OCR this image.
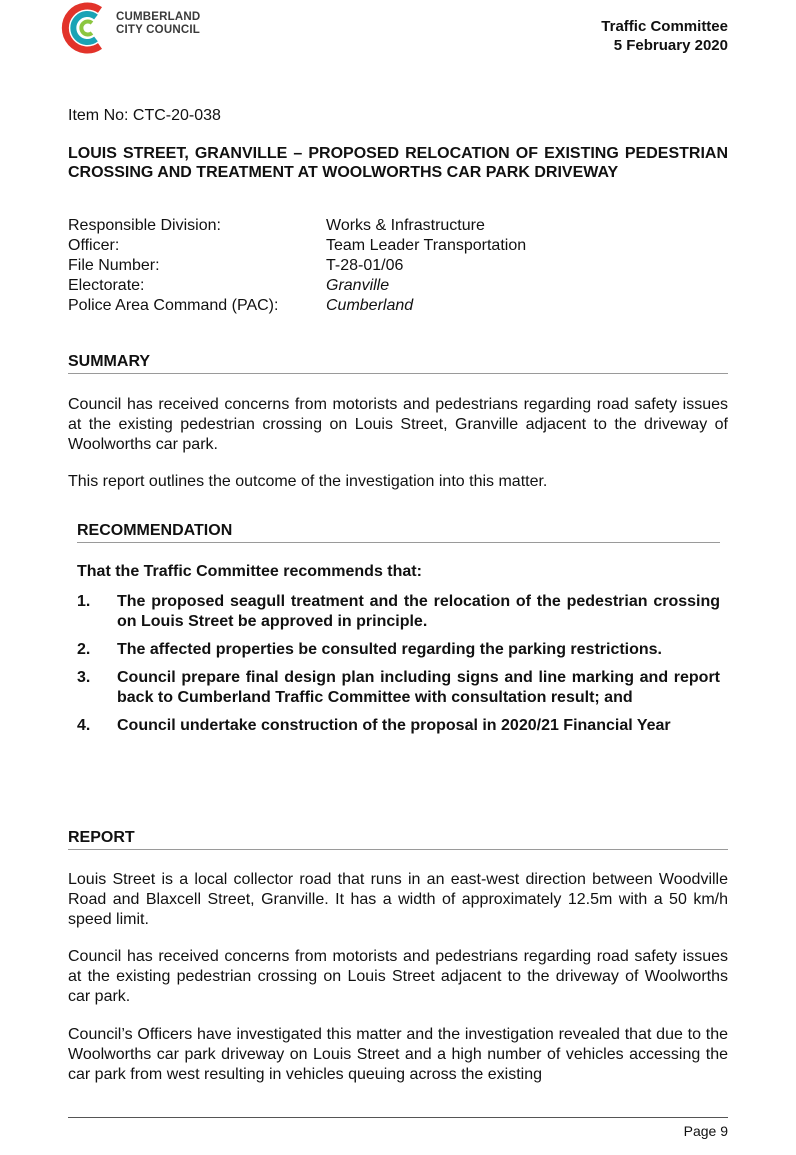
CUMBERLAND
CITY COUNCIL	Traffic Committee
5 February 2020
Item No: CTC-20-038
LOUIS STREET, GRANVILLE – PROPOSED RELOCATION OF EXISTING PEDESTRIAN CROSSING AND TREATMENT AT WOOLWORTHS CAR PARK DRIVEWAY
Responsible Division:	Works & Infrastructure
Officer:	Team Leader Transportation
File Number:	T-28-01/06
Electorate:	Granville
Police Area Command (PAC):	Cumberland
SUMMARY
Council has received concerns from motorists and pedestrians regarding road safety issues at the existing pedestrian crossing on Louis Street, Granville adjacent to the driveway of Woolworths car park.
This report outlines the outcome of the investigation into this matter.
RECOMMENDATION
That the Traffic Committee recommends that:
1.	The proposed seagull treatment and the relocation of the pedestrian crossing on Louis Street be approved in principle.
2.	The affected properties be consulted regarding the parking restrictions.
3.	Council prepare final design plan including signs and line marking and report back to Cumberland Traffic Committee with consultation result; and
4.	Council undertake construction of the proposal in 2020/21 Financial Year
REPORT
Louis Street is a local collector road that runs in an east-west direction between Woodville Road and Blaxcell Street, Granville. It has a width of approximately 12.5m with a 50 km/h speed limit.
Council has received concerns from motorists and pedestrians regarding road safety issues at the existing pedestrian crossing on Louis Street adjacent to the driveway of Woolworths car park.
Council’s Officers have investigated this matter and the investigation revealed that due to the Woolworths car park driveway on Louis Street and a high number of vehicles accessing the car park from west resulting in vehicles queuing across the existing
Page 9
